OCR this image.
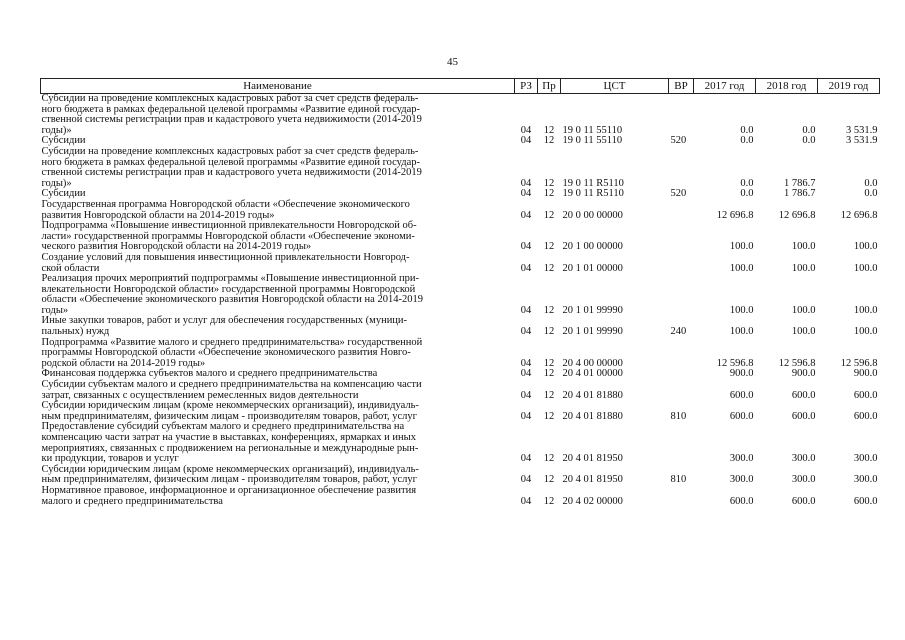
45
Наименование	РЗ	Пр	ЦСТ	ВР	2017 год	2018 год	2019 год

Субсидии на проведение комплексных кадастровых работ за счет средств федераль-
ного бюджета в рамках федеральной целевой программы «Развитие единой государ-
ственной системы регистрации прав и кадастрового учета недвижимости (2014-2019
годы)»	04	12	19 0 11 55110		0.0	0.0	3 531.9

Субсидии	04	12	19 0 11 55110	520	0.0	0.0	3 531.9

Субсидии на проведение комплексных кадастровых работ за счет средств федераль-
ного бюджета в рамках федеральной целевой программы «Развитие единой государ-
ственной системы регистрации прав и кадастрового учета недвижимости (2014-2019
годы)»	04	12	19 0 11 R5110		0.0	1 786.7	0.0

Субсидии	04	12	19 0 11 R5110	520	0.0	1 786.7	0.0

Государственная программа Новгородской области «Обеспечение экономического
развития Новгородской области на 2014-2019 годы»	04	12	20 0 00 00000		12 696.8	12 696.8	12 696.8

Подпрограмма «Повышение инвестиционной привлекательности Новгородской об-
ласти» государственной программы Новгородской области «Обеспечение экономи-
ческого развития Новгородской области на 2014-2019 годы»	04	12	20 1 00 00000		100.0	100.0	100.0

Создание условий для повышения инвестиционной привлекательности Новгород-
ской области	04	12	20 1 01 00000		100.0	100.0	100.0

Реализация прочих мероприятий подпрограммы «Повышение инвестиционной при-
влекательности Новгородской области» государственной программы Новгородской
области «Обеспечение экономического развития Новгородской области на 2014-2019
годы»	04	12	20 1 01 99990		100.0	100.0	100.0

Иные закупки товаров, работ и услуг для обеспечения государственных (муници-
пальных) нужд	04	12	20 1 01 99990	240	100.0	100.0	100.0

Подпрограмма «Развитие малого и среднего предпринимательства» государственной
программы Новгородской области «Обеспечение экономического развития Новго-
родской области на 2014-2019 годы»	04	12	20 4 00 00000		12 596.8	12 596.8	12 596.8

Финансовая поддержка субъектов малого и среднего предпринимательства	04	12	20 4 01 00000		900.0	900.0	900.0

Субсидии субъектам малого и среднего предпринимательства на компенсацию части
затрат, связанных с осуществлением ремесленных видов деятельности	04	12	20 4 01 81880		600.0	600.0	600.0

Субсидии юридическим лицам (кроме некоммерческих организаций), индивидуаль-
ным предпринимателям, физическим лицам - производителям товаров, работ, услуг	04	12	20 4 01 81880	810	600.0	600.0	600.0

Предоставление субсидий субъектам малого и среднего предпринимательства на
компенсацию части затрат на участие в выставках, конференциях, ярмарках и иных
мероприятиях, связанных с продвижением на региональные и международные рын-
ки продукции, товаров и услуг	04	12	20 4 01 81950		300.0	300.0	300.0

Субсидии юридическим лицам (кроме некоммерческих организаций), индивидуаль-
ным предпринимателям, физическим лицам - производителям товаров, работ, услуг	04	12	20 4 01 81950	810	300.0	300.0	300.0

Нормативное правовое, информационное и организационное обеспечение развития
малого и среднего предпринимательства	04	12	20 4 02 00000		600.0	600.0	600.0
